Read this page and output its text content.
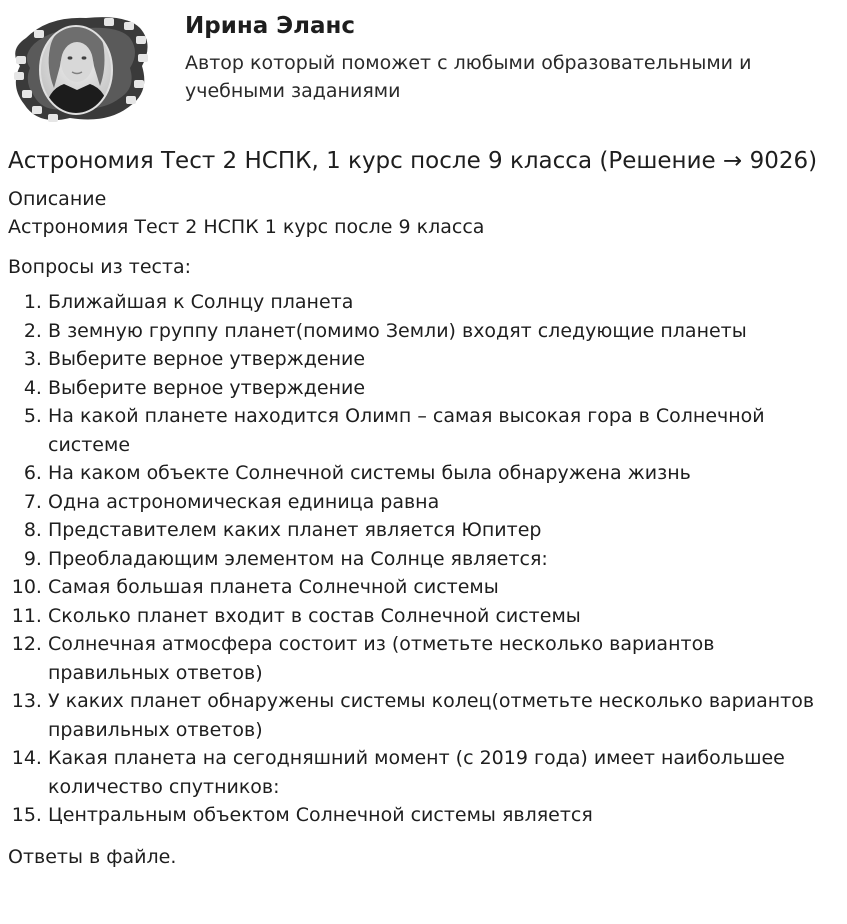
Ирина Эланс

Автор который поможет с любыми образовательными и учебными заданиями

Астрономия Тест 2 НСПК, 1 курс после 9 класса (Решение → 9026)

Описание

Астрономия Тест 2 НСПК 1 курс после 9 класса

Вопросы из теста:

1. Ближайшая к Солнцу планета
2. В земную группу планет(помимо Земли) входят следующие планеты
3. Выберите верное утверждение
4. Выберите верное утверждение
5. На какой планете находится Олимп – самая высокая гора в Солнечной системе
6. На каком объекте Солнечной системы была обнаружена жизнь
7. Одна астрономическая единица равна
8. Представителем каких планет является Юпитер
9. Преобладающим элементом на Солнце является:
10. Самая большая планета Солнечной системы
11. Сколько планет входит в состав Солнечной системы
12. Солнечная атмосфера состоит из (отметьте несколько вариантов правильных ответов)
13. У каких планет обнаружены системы колец(отметьте несколько вариантов правильных ответов)
14. Какая планета на сегодняшний момент (с 2019 года) имеет наибольшее количество спутников:
15. Центральным объектом Солнечной системы является

Ответы в файле.
